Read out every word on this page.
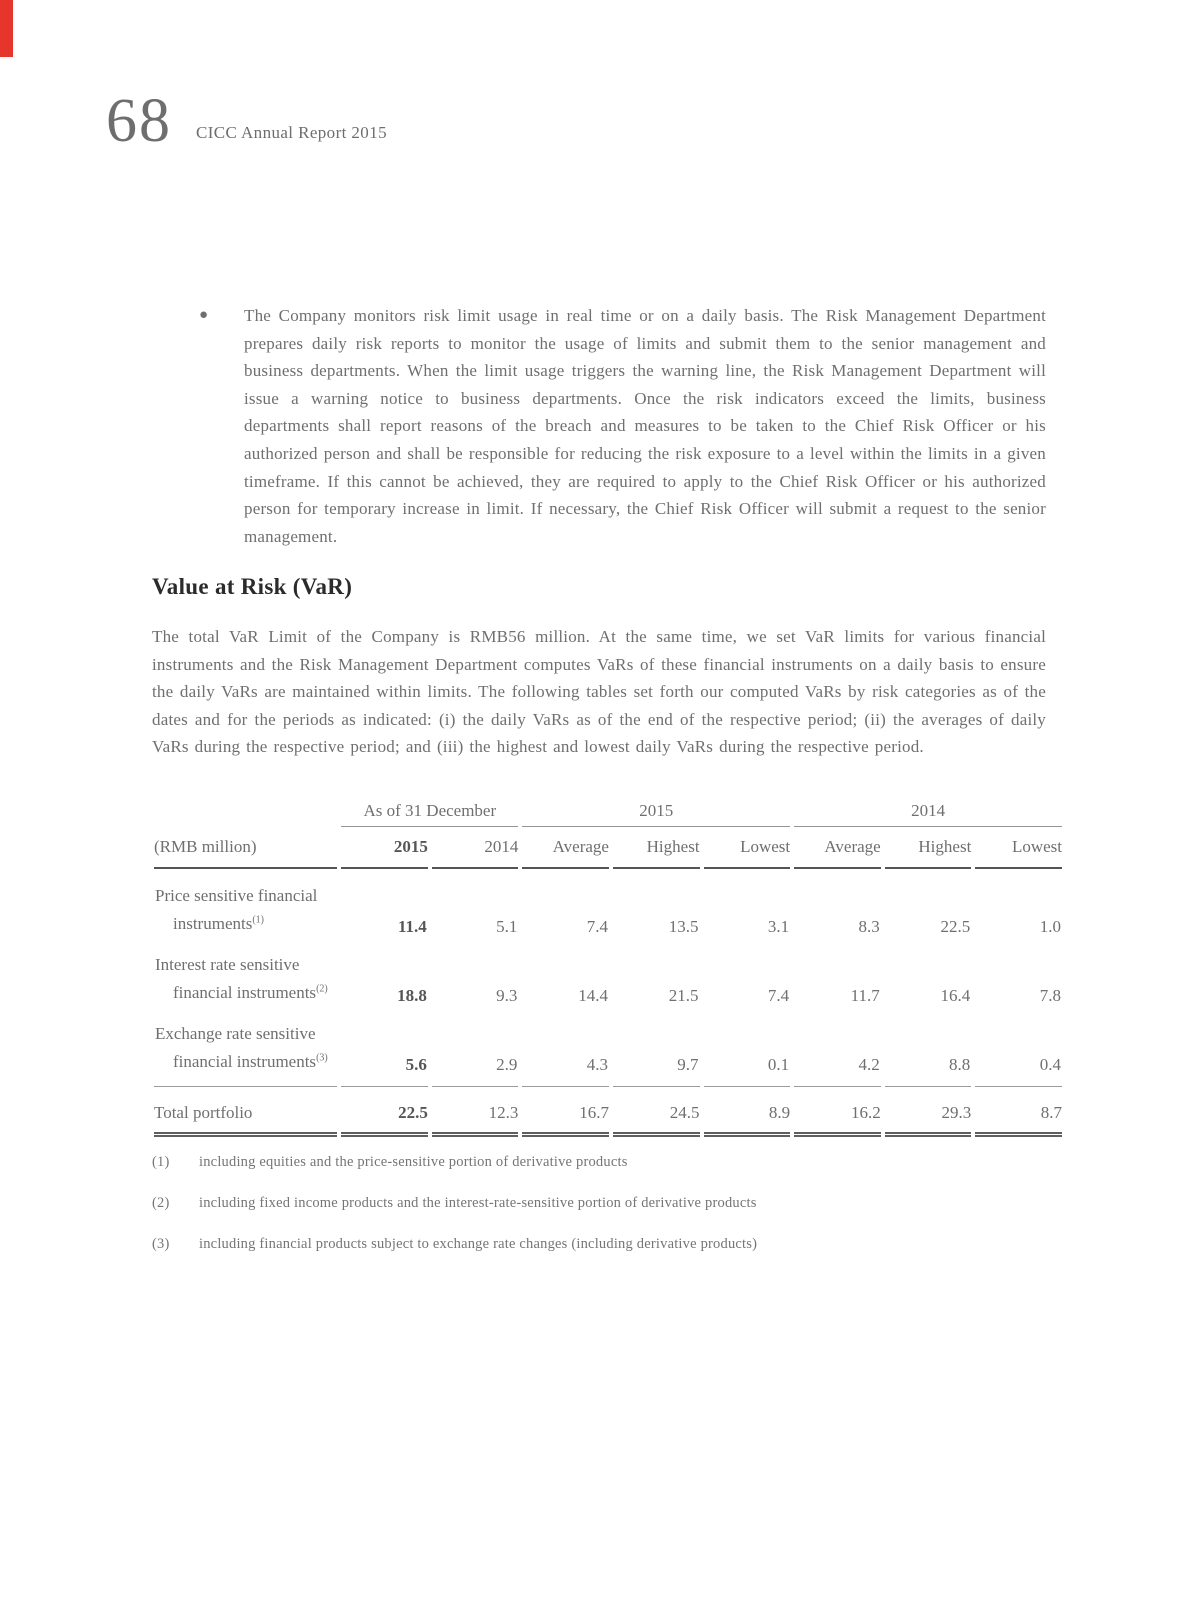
68 CICC Annual Report 2015
●	The Company monitors risk limit usage in real time or on a daily basis. The Risk Management Department prepares daily risk reports to monitor the usage of limits and submit them to the senior management and business departments. When the limit usage triggers the warning line, the Risk Management Department will issue a warning notice to business departments. Once the risk indicators exceed the limits, business departments shall report reasons of the breach and measures to be taken to the Chief Risk Officer or his authorized person and shall be responsible for reducing the risk exposure to a level within the limits in a given timeframe. If this cannot be achieved, they are required to apply to the Chief Risk Officer or his authorized person for temporary increase in limit. If necessary, the Chief Risk Officer will submit a request to the senior management.
Value at Risk (VaR)
The total VaR Limit of the Company is RMB56 million. At the same time, we set VaR limits for various financial instruments and the Risk Management Department computes VaRs of these financial instruments on a daily basis to ensure the daily VaRs are maintained within limits. The following tables set forth our computed VaRs by risk categories as of the dates and for the periods as indicated: (i) the daily VaRs as of the end of the respective period; (ii) the averages of daily VaRs during the respective period; and (iii) the highest and lowest daily VaRs during the respective period.
	As of 31 December		2015			2014		
(RMB million)	2015	2014	Average	Highest	Lowest	Average	Highest	Lowest

Price sensitive financial
instruments$^{(1)}$	11.4	5.1	7.4	13.5	3.1	8.3	22.5	1.0

Interest rate sensitive
financial instruments$^{(2)}$	18.8	9.3	14.4	21.5	7.4	11.7	16.4	7.8

Exchange rate sensitive
financial instruments$^{(3)}$	5.6	2.9	4.3	9.7	0.1	4.2	8.8	0.4
Total portfolio	22.5	12.3	16.7	24.5	8.9	16.2	29.3	8.7
(1)	including equities and the price-sensitive portion of derivative products
(2)	including fixed income products and the interest-rate-sensitive portion of derivative products
(3)	including financial products subject to exchange rate changes (including derivative products)
